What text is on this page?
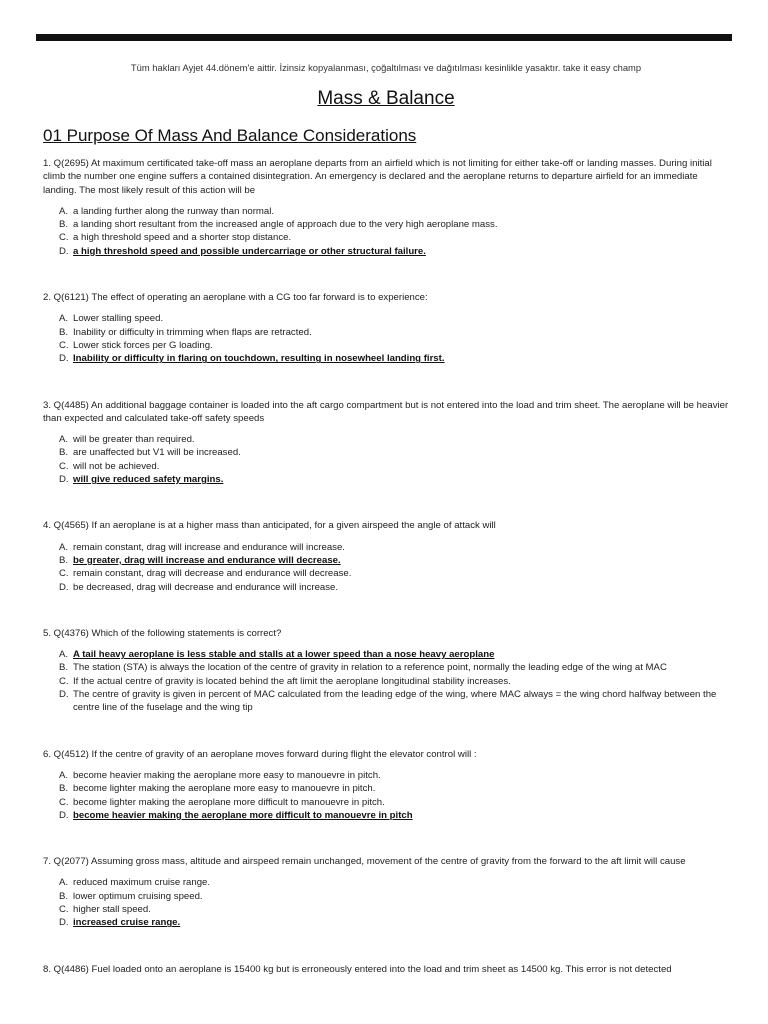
Tüm hakları Ayjet 44.dönem'e aittir. İzinsiz kopyalanması, çoğaltılması ve dağıtılması kesinlikle yasaktır. take it easy champ
Mass & Balance
01 Purpose Of Mass And Balance Considerations

1. Q(2695) At maximum certificated take-off mass an aeroplane departs from an airfield which is not limiting for either take-off or landing masses. During initial climb the number one engine suffers a contained disintegration. An emergency is declared and the aeroplane returns to departure airfield for an immediate landing. The most likely result of this action will be

A. a landing further along the runway than normal.
B. a landing short resultant from the increased angle of approach due to the very high aeroplane mass.
C. a high threshold speed and a shorter stop distance.
D. a high threshold speed and possible undercarriage or other structural failure.

2. Q(6121) The effect of operating an aeroplane with a CG too far forward is to experience:

A. Lower stalling speed.
B. Inability or difficulty in trimming when flaps are retracted.
C. Lower stick forces per G loading.
D. Inability or difficulty in flaring on touchdown, resulting in nosewheel landing first.

3. Q(4485) An additional baggage container is loaded into the aft cargo compartment but is not entered into the load and trim sheet. The aeroplane will be heavier than expected and calculated take-off safety speeds

A. will be greater than required.
B. are unaffected but V1 will be increased.
C. will not be achieved.
D. will give reduced safety margins.

4. Q(4565) If an aeroplane is at a higher mass than anticipated, for a given airspeed the angle of attack will

A. remain constant, drag will increase and endurance will increase.
B. be greater, drag will increase and endurance will decrease.
C. remain constant, drag will decrease and endurance will decrease.
D. be decreased, drag will decrease and endurance will increase.

5. Q(4376) Which of the following statements is correct?

A. A tail heavy aeroplane is less stable and stalls at a lower speed than a nose heavy aeroplane
B. The station (STA) is always the location of the centre of gravity in relation to a reference point, normally the leading edge of the wing at MAC
C. If the actual centre of gravity is located behind the aft limit the aeroplane longitudinal stability increases.
D. The centre of gravity is given in percent of MAC calculated from the leading edge of the wing, where MAC always = the wing chord halfway between the centre line of the fuselage and the wing tip

6. Q(4512) If the centre of gravity of an aeroplane moves forward during flight the elevator control will :

A. become heavier making the aeroplane more easy to manouevre in pitch.
B. become lighter making the aeroplane more easy to manouevre in pitch.
C. become lighter making the aeroplane more difficult to manouevre in pitch.
D. become heavier making the aeroplane more difficult to manouevre in pitch

7. Q(2077) Assuming gross mass, altitude and airspeed remain unchanged, movement of the centre of gravity from the forward to the aft limit will cause

A. reduced maximum cruise range.
B. lower optimum cruising speed.
C. higher stall speed.
D. increased cruise range.

8. Q(4486) Fuel loaded onto an aeroplane is 15400 kg but is erroneously entered into the load and trim sheet as 14500 kg. This error is not detected
